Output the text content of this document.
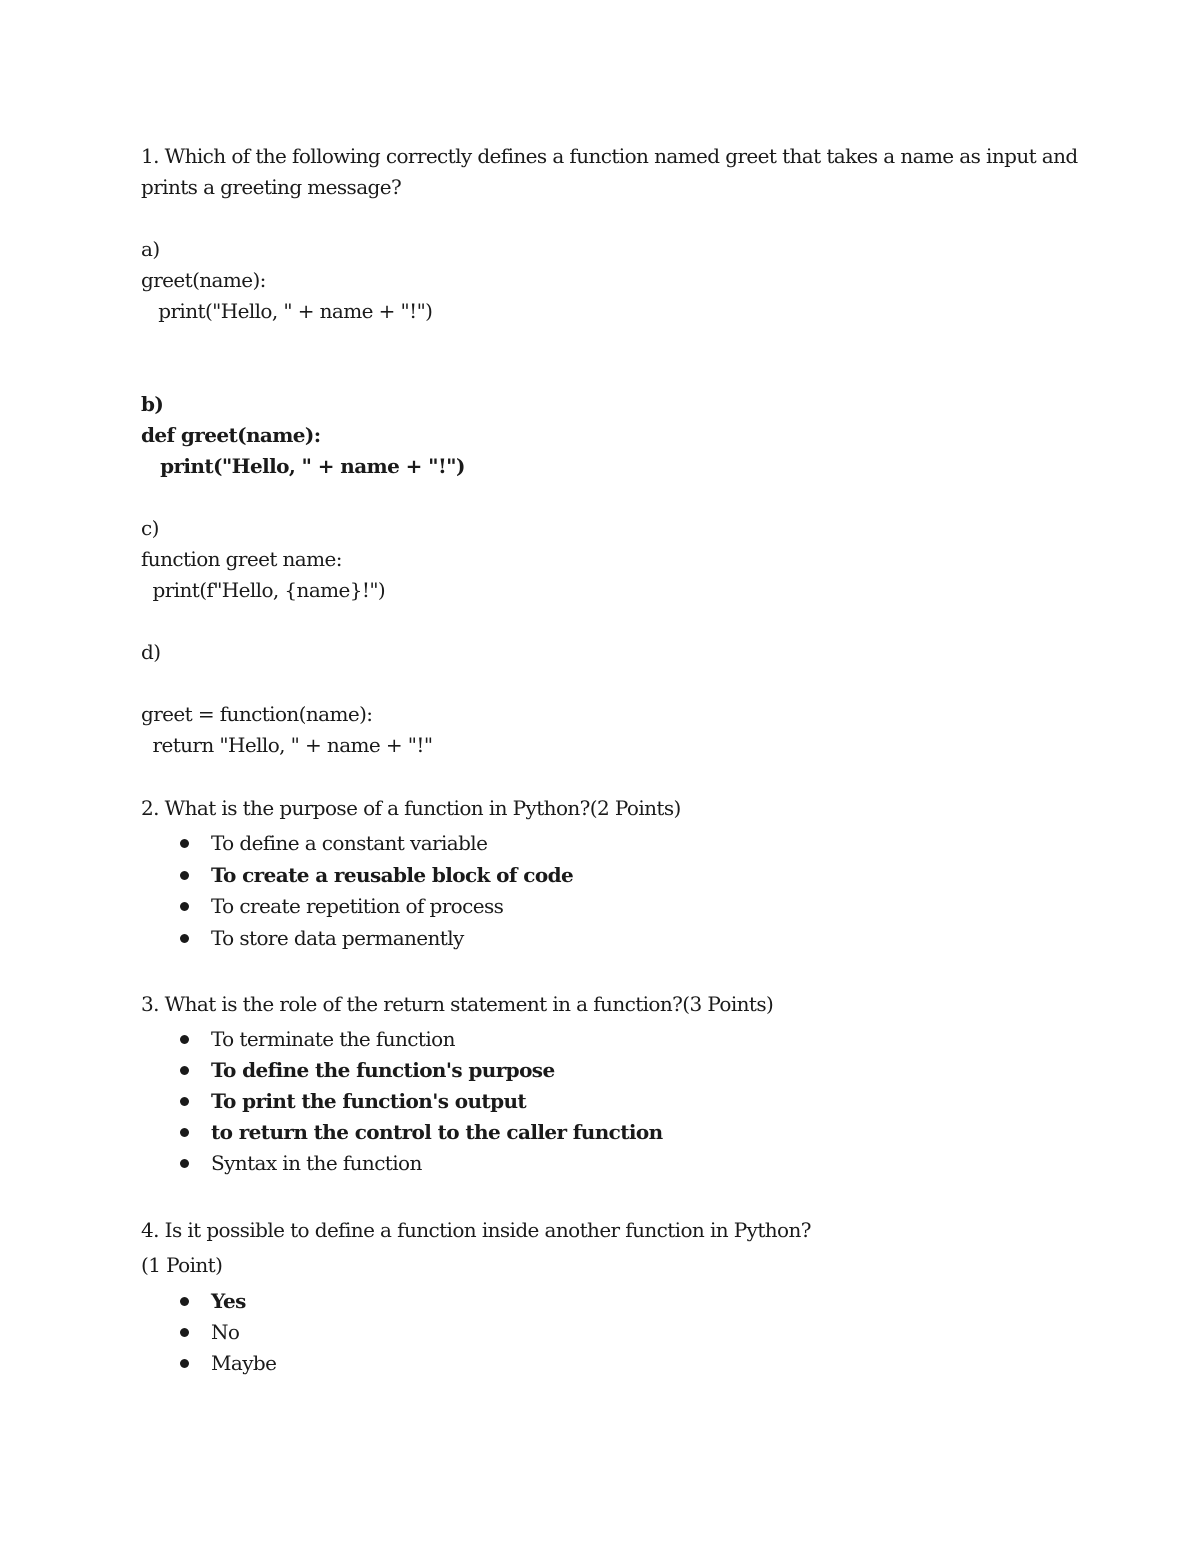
1. Which of the following correctly defines a function named greet that takes a name as input and
prints a greeting message?
a)
greet(name):
print("Hello, " + name + "!")
b)
def greet(name):
print("Hello, " + name + "!")
c)
function greet name:
print(f"Hello, {name}!")
d)
greet = function(name):
return "Hello, " + name + "!"
2. What is the purpose of a function in Python?(2 Points)
To define a constant variable
To create a reusable block of code
To create repetition of process
To store data permanently
3. What is the role of the return statement in a function?(3 Points)
To terminate the function
To define the function's purpose
To print the function's output
to return the control to the caller function
Syntax in the function
4. Is it possible to define a function inside another function in Python?
(1 Point)
Yes
No
Maybe
